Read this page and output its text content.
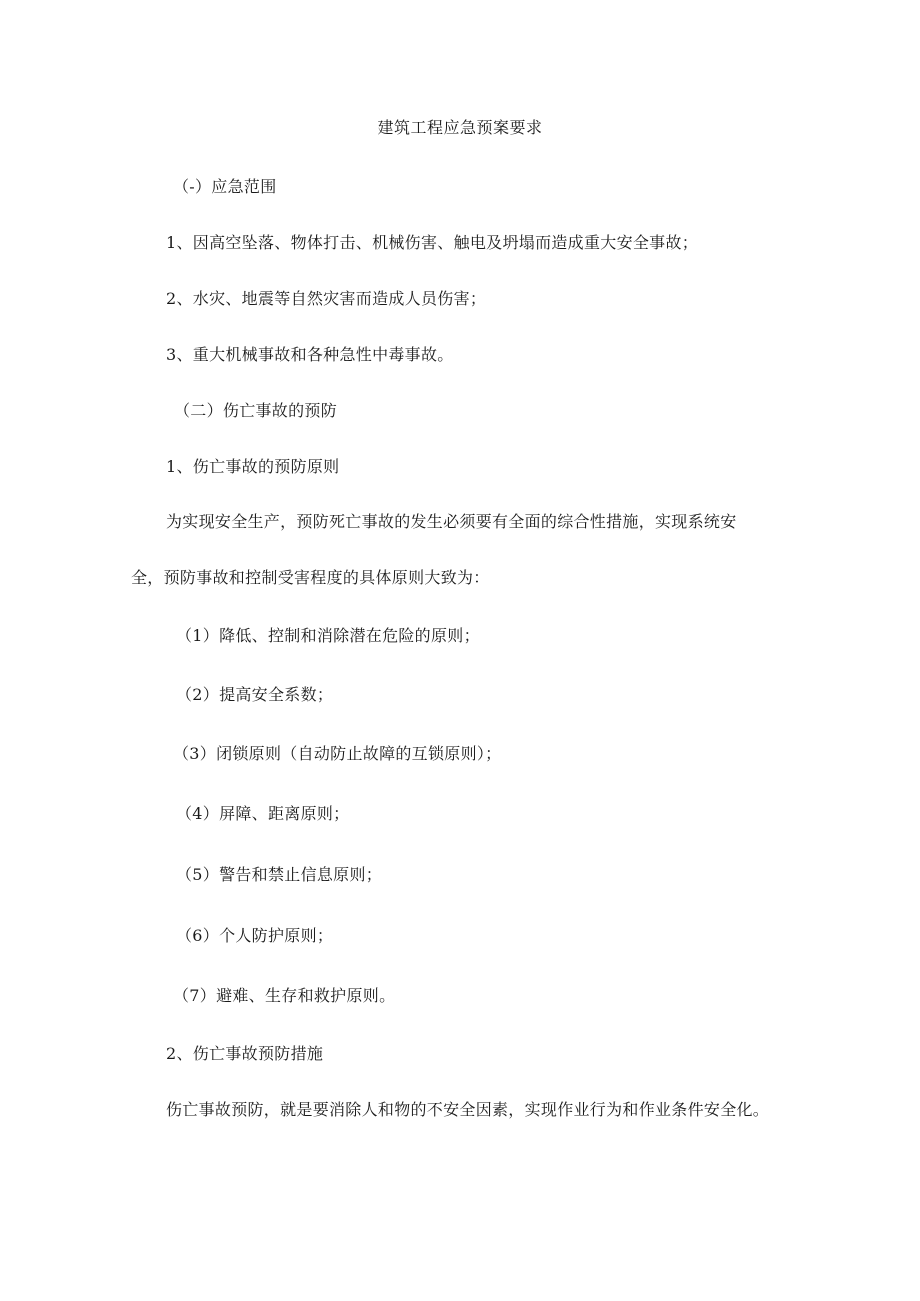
建筑工程应急预案要求
（-）应急范围
1、因高空坠落、物体打击、机械伤害、触电及坍塌而造成重大安全事故；
2、水灾、地震等自然灾害而造成人员伤害；
3、重大机械事故和各种急性中毒事故。
（二）伤亡事故的预防
1、伤亡事故的预防原则
为实现安全生产，预防死亡事故的发生必须要有全面的综合性措施，实现系统安
全，预防事故和控制受害程度的具体原则大致为：
（1）降低、控制和消除潜在危险的原则；
（2）提高安全系数；
（3）闭锁原则（自动防止故障的互锁原则）；
（4）屏障、距离原则；
（5）警告和禁止信息原则；
（6）个人防护原则；
（7）避难、生存和救护原则。
2、伤亡事故预防措施
伤亡事故预防，就是要消除人和物的不安全因素，实现作业行为和作业条件安全化。
